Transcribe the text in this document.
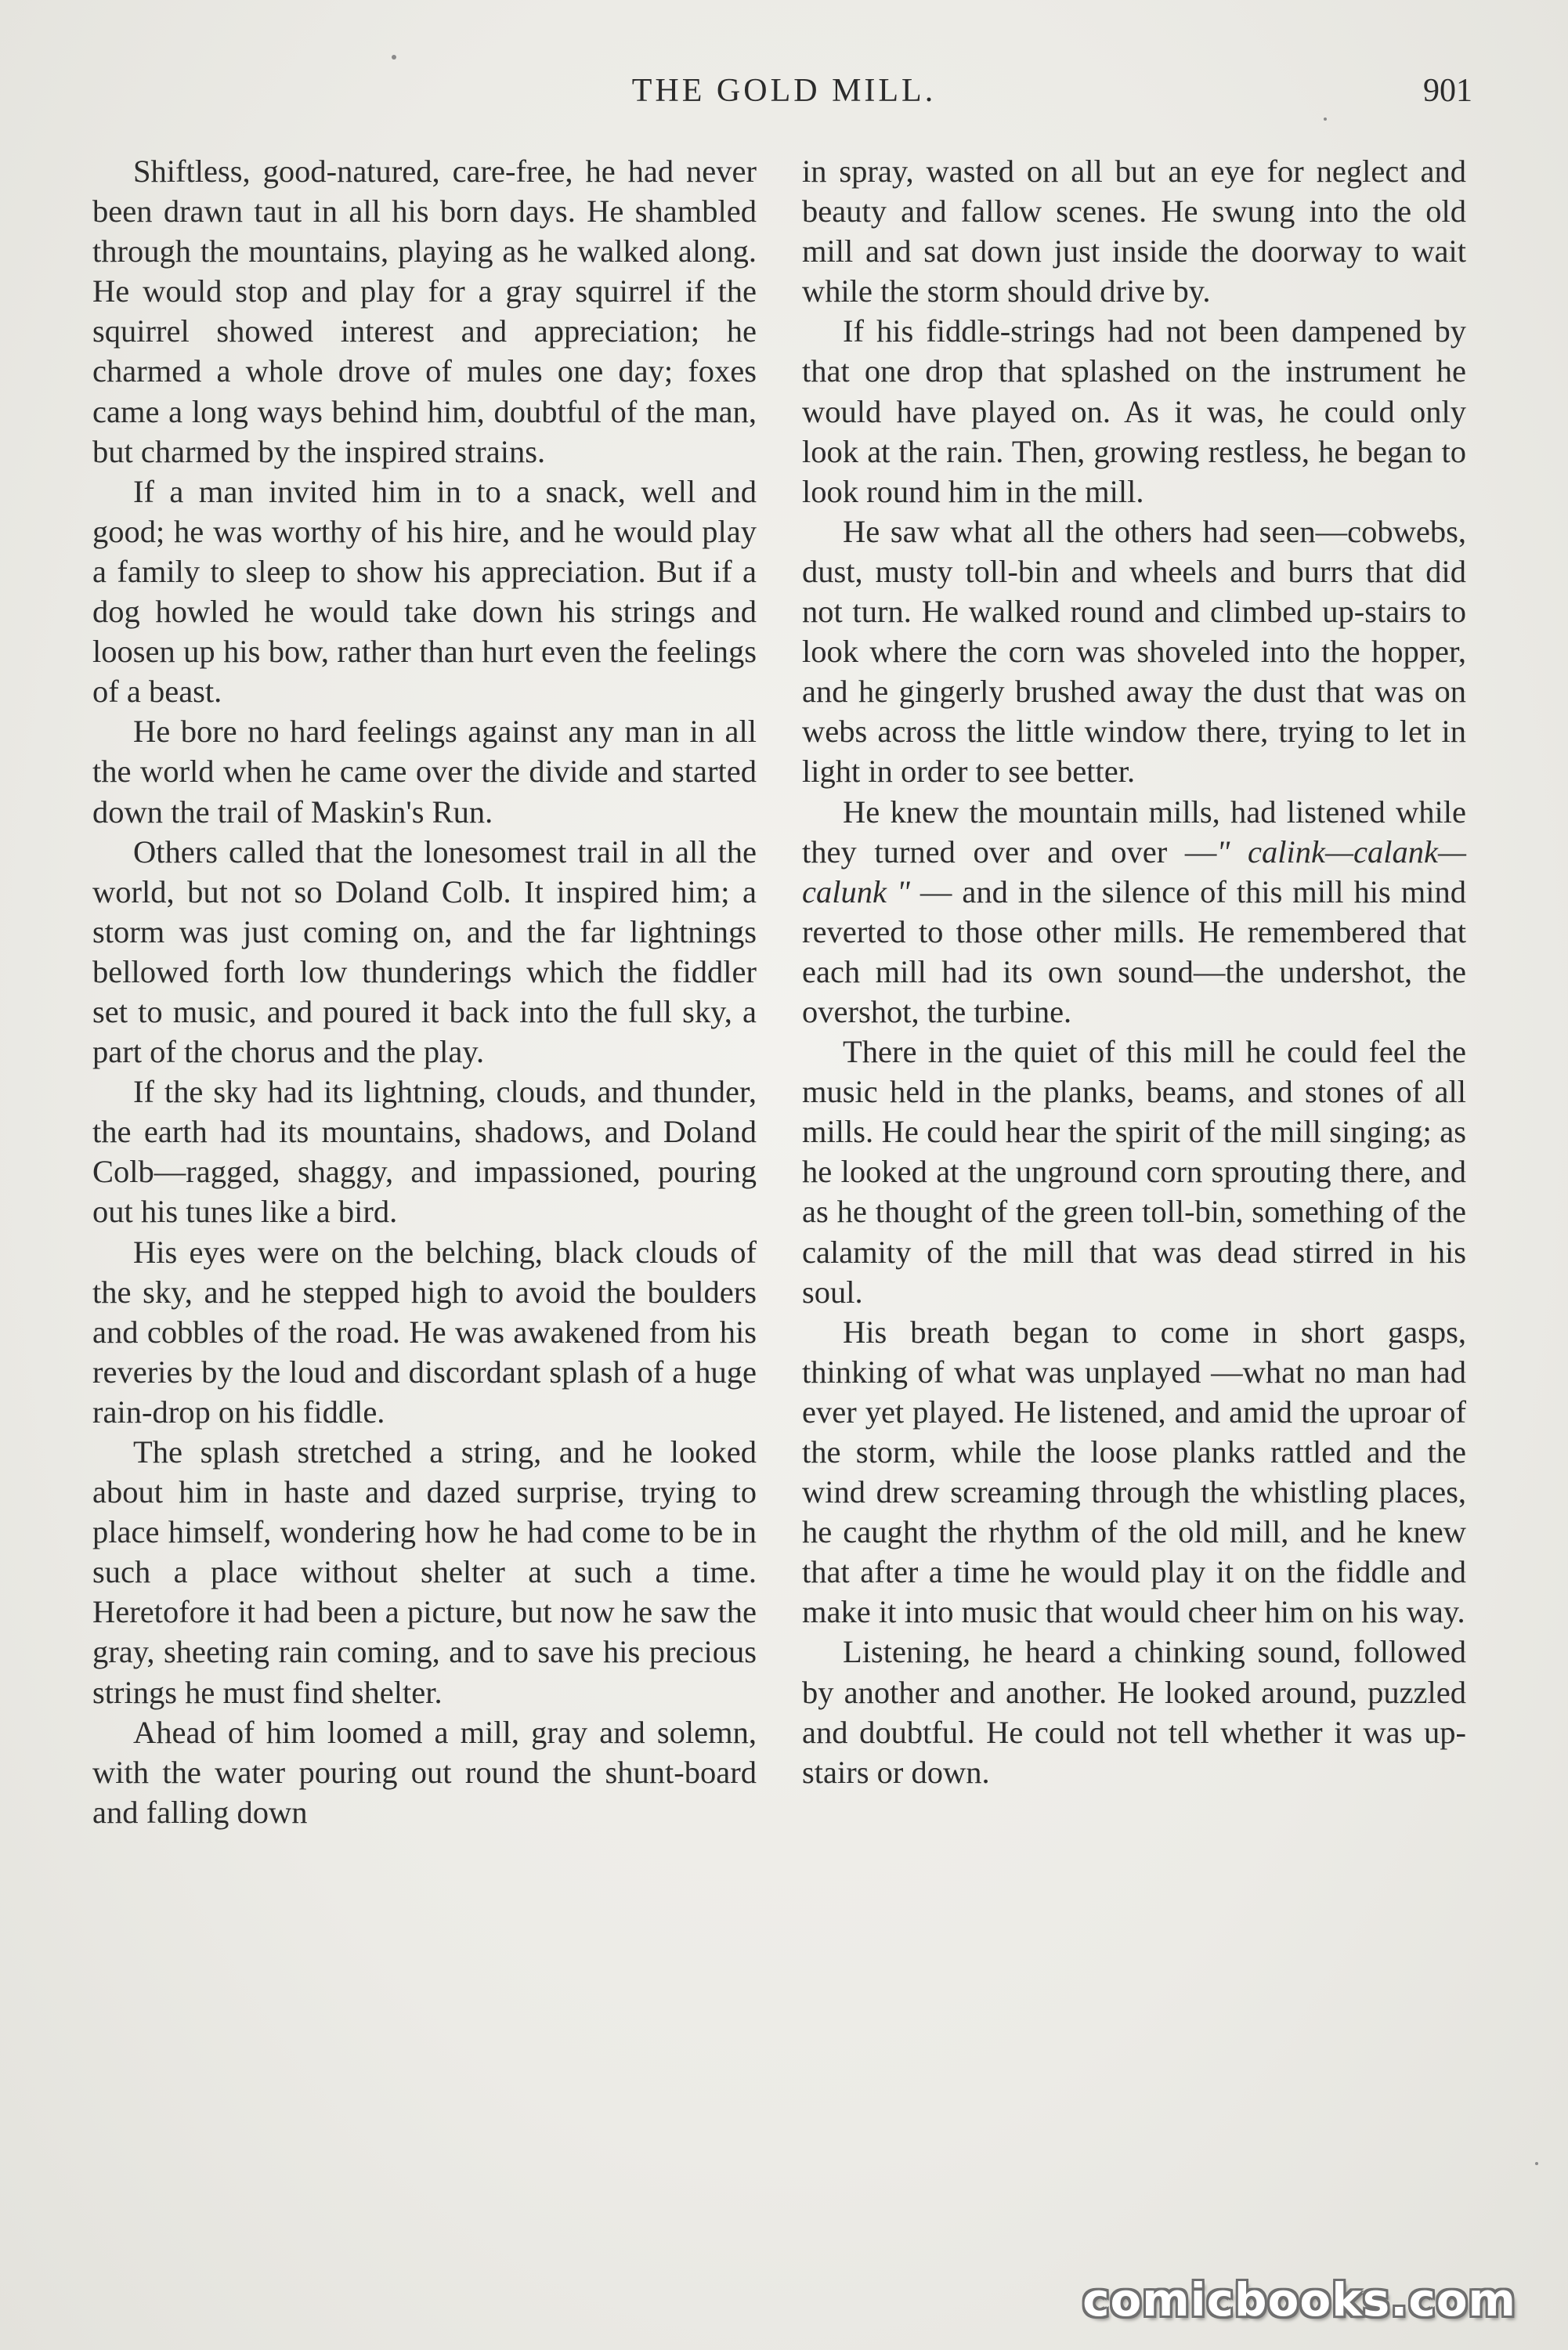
THE GOLD MILL.	901

Shiftless, good-natured, care-free, he had never been drawn taut in all his born days. He shambled through the mountains, playing as he walked along. He would stop and play for a gray squirrel if the squirrel showed interest and appreciation; he charmed a whole drove of mules one day; foxes came a long ways behind him, doubtful of the man, but charmed by the inspired strains.

If a man invited him in to a snack, well and good; he was worthy of his hire, and he would play a family to sleep to show his appreciation. But if a dog howled he would take down his strings and loosen up his bow, rather than hurt even the feelings of a beast.

He bore no hard feelings against any man in all the world when he came over the divide and started down the trail of Maskin's Run.

Others called that the lonesomest trail in all the world, but not so Doland Colb. It inspired him; a storm was just coming on, and the far lightnings bellowed forth low thunderings which the fiddler set to music, and poured it back into the full sky, a part of the chorus and the play.

If the sky had its lightning, clouds, and thunder, the earth had its mountains, shadows, and Doland Colb—ragged, shaggy, and impassioned, pouring out his tunes like a bird.

His eyes were on the belching, black clouds of the sky, and he stepped high to avoid the boulders and cobbles of the road. He was awakened from his reveries by the loud and discordant splash of a huge rain-drop on his fiddle.

The splash stretched a string, and he looked about him in haste and dazed surprise, trying to place himself, wondering how he had come to be in such a place without shelter at such a time. Heretofore it had been a picture, but now he saw the gray, sheeting rain coming, and to save his precious strings he must find shelter.

Ahead of him loomed a mill, gray and solemn, with the water pouring out round the shunt-board and falling down

in spray, wasted on all but an eye for neglect and beauty and fallow scenes. He swung into the old mill and sat down just inside the doorway to wait while the storm should drive by.

If his fiddle-strings had not been dampened by that one drop that splashed on the instrument he would have played on. As it was, he could only look at the rain. Then, growing restless, he began to look round him in the mill.

He saw what all the others had seen—cobwebs, dust, musty toll-bin and wheels and burrs that did not turn. He walked round and climbed up-stairs to look where the corn was shoveled into the hopper, and he gingerly brushed away the dust that was on webs across the little window there, trying to let in light in order to see better.

He knew the mountain mills, had listened while they turned over and over —" calink—calank—calunk " — and in the silence of this mill his mind reverted to those other mills. He remembered that each mill had its own sound—the undershot, the overshot, the turbine.

There in the quiet of this mill he could feel the music held in the planks, beams, and stones of all mills. He could hear the spirit of the mill singing; as he looked at the unground corn sprouting there, and as he thought of the green toll-bin, something of the calamity of the mill that was dead stirred in his soul.

His breath began to come in short gasps, thinking of what was unplayed —what no man had ever yet played. He listened, and amid the uproar of the storm, while the loose planks rattled and the wind drew screaming through the whistling places, he caught the rhythm of the old mill, and he knew that after a time he would play it on the fiddle and make it into music that would cheer him on his way.

Listening, he heard a chinking sound, followed by another and another. He looked around, puzzled and doubtful. He could not tell whether it was up-stairs or down.

comicbooks.com
